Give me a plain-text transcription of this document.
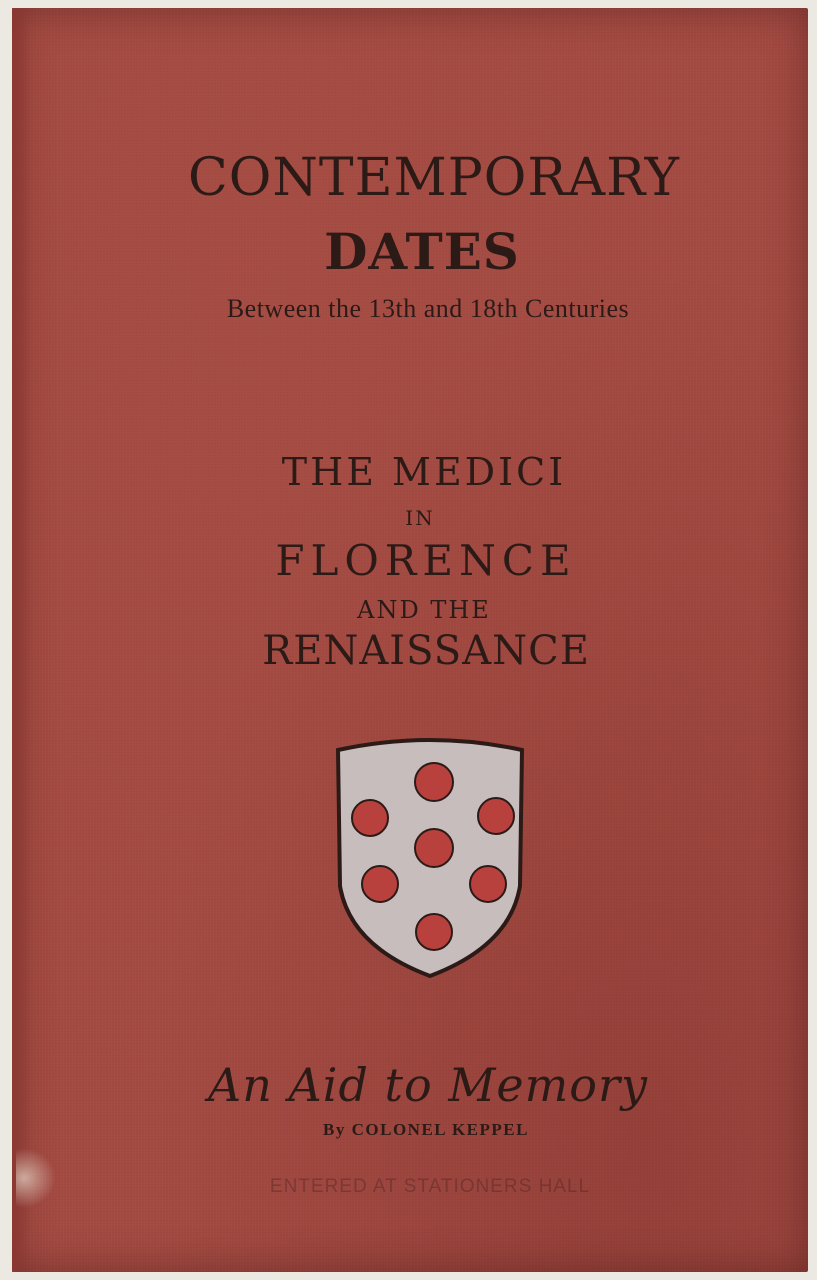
CONTEMPORARY
DATES

Between the 13th and 18th Centuries

THE MEDICI

IN

FLORENCE

AND THE

RENAISSANCE

An Aid to Memory

By COLONEL KEPPEL

ENTERED AT STATIONERS HALL
